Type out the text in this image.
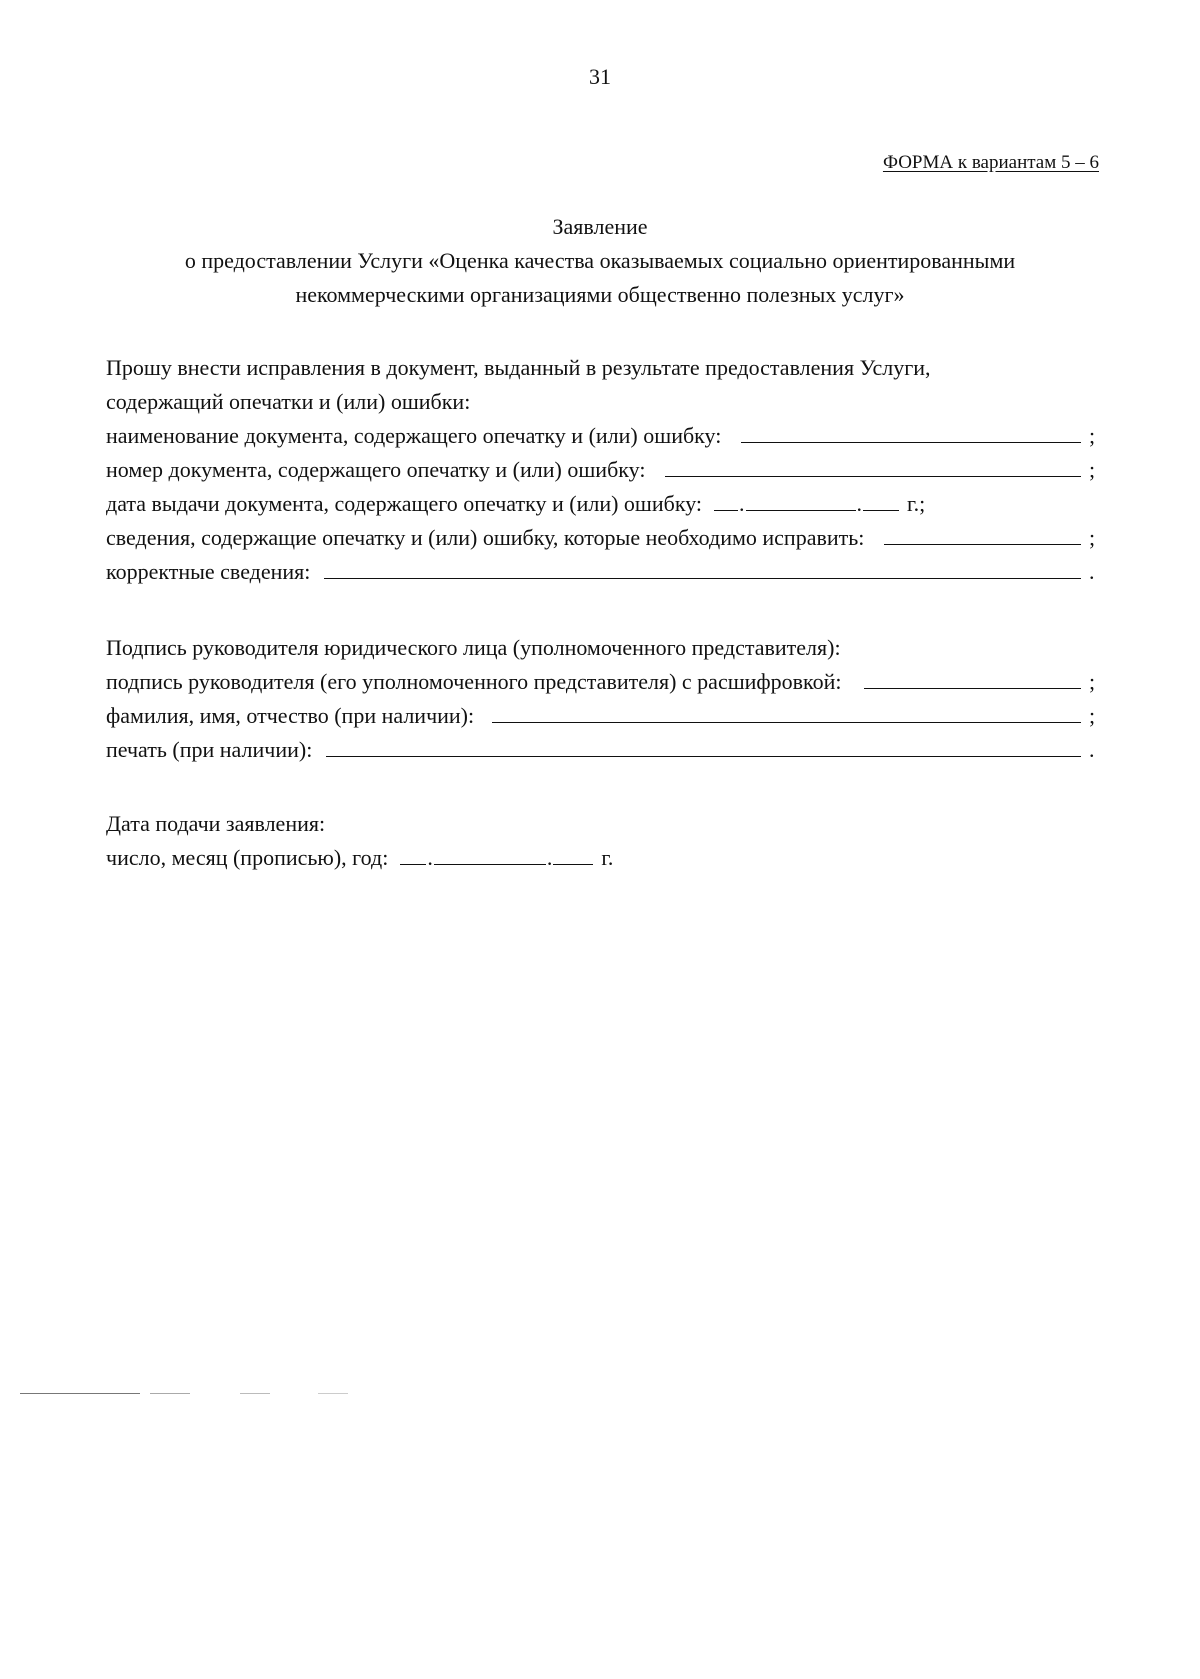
31
ФОРМА к вариантам 5 – 6
Заявление
о предоставлении Услуги «Оценка качества оказываемых социально ориентированными
некоммерческими организациями общественно полезных услуг»
Прошу внести исправления в документ, выданный в результате предоставления Услуги,
содержащий опечатки и (или) ошибки:
наименование документа, содержащего опечатку и (или) ошибку:	;
номер документа, содержащего опечатку и (или) ошибку:	;
дата выдачи документа, содержащего опечатку и (или) ошибку:	.	.	г.;
сведения, содержащие опечатку и (или) ошибку, которые необходимо исправить:	;
корректные сведения:	.
Подпись руководителя юридического лица (уполномоченного представителя):
подпись руководителя (его уполномоченного представителя) с расшифровкой:	;
фамилия, имя, отчество (при наличии):	;
печать (при наличии):	.
Дата подачи заявления:
число, месяц (прописью), год:	.	.	г.
